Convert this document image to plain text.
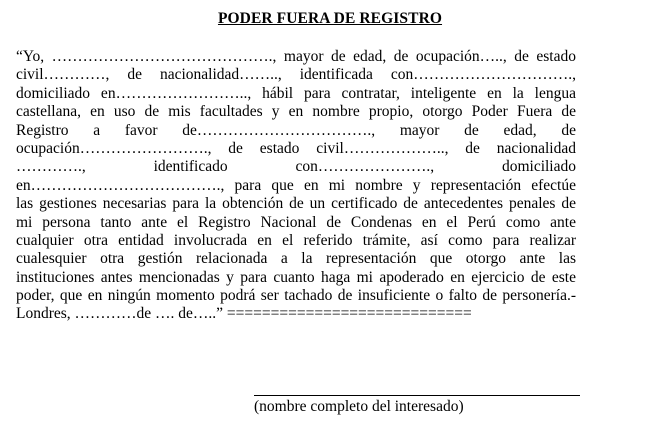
PODER FUERA DE REGISTRO
“Yo, ……………………………………., mayor de edad, de ocupación….., de estado
civil…………, de nacionalidad…….., identificada con………………………….,
domiciliado en…………………….., hábil para contratar, inteligente en la lengua
castellana, en uso de mis facultades y en nombre propio, otorgo Poder Fuera de
Registro a favor de……………………………., mayor de edad, de
ocupación……………………., de estado civil……………….., de nacionalidad
…………., identificado con…………………., domiciliado
en………………………………., para que en mi nombre y representación efectúe
las gestiones necesarias para la obtención de un certificado de antecedentes penales de
mi persona tanto ante el Registro Nacional de Condenas en el Perú como ante
cualquier otra entidad involucrada en el referido trámite, así como para realizar
cualesquier otra gestión relacionada a la representación que otorgo ante las
instituciones antes mencionadas y para cuanto haga mi apoderado en ejercicio de este
poder, que en ningún momento podrá ser tachado de insuficiente o falto de personería.-
Londres, …………de …. de…..” ============================
(nombre completo del interesado)
